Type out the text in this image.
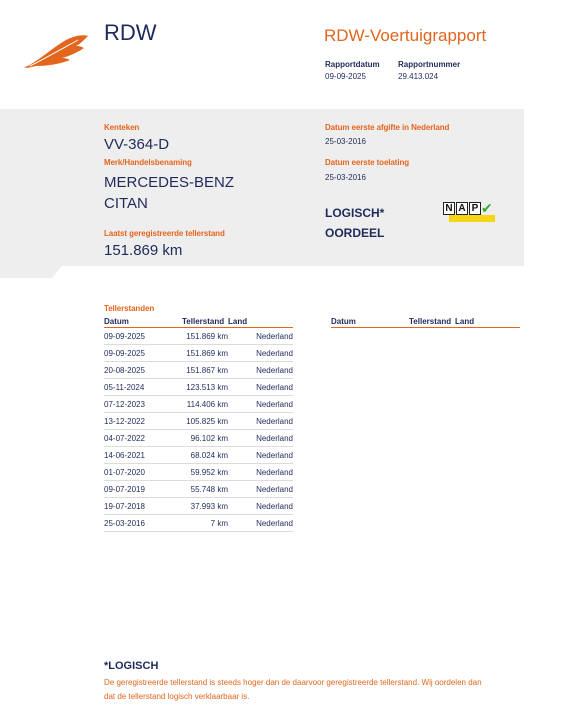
RDW	RDW-Voertuigrapport
Rapportdatum
09-09-2025
Rapportnummer
29.413.024
Kenteken
VV-364-D
Merk/Handelsbenaming
MERCEDES-BENZ
CITAN
Laatst geregistreerde tellerstand
151.869 km
Datum eerste afgifte in Nederland
25-03-2016
Datum eerste toelating
25-03-2016
LOGISCH*
OORDEEL
N A P ✔
Tellerstanden
Datum	Tellerstand	Land
09-09-2025	151.869 km	Nederland
09-09-2025	151.869 km	Nederland
20-08-2025	151.867 km	Nederland
05-11-2024	123.513 km	Nederland
07-12-2023	114.406 km	Nederland
13-12-2022	105.825 km	Nederland
04-07-2022	96.102 km	Nederland
14-06-2021	68.024 km	Nederland
01-07-2020	59.952 km	Nederland
09-07-2019	55.748 km	Nederland
19-07-2018	37.993 km	Nederland
25-03-2016	7 km	Nederland
Datum	Tellerstand	Land
*LOGISCH
De geregistreerde tellerstand is steeds hoger dan de daarvoor geregistreerde tellerstand. Wij oordelen dan
dat de tellerstand logisch verklaarbaar is.
